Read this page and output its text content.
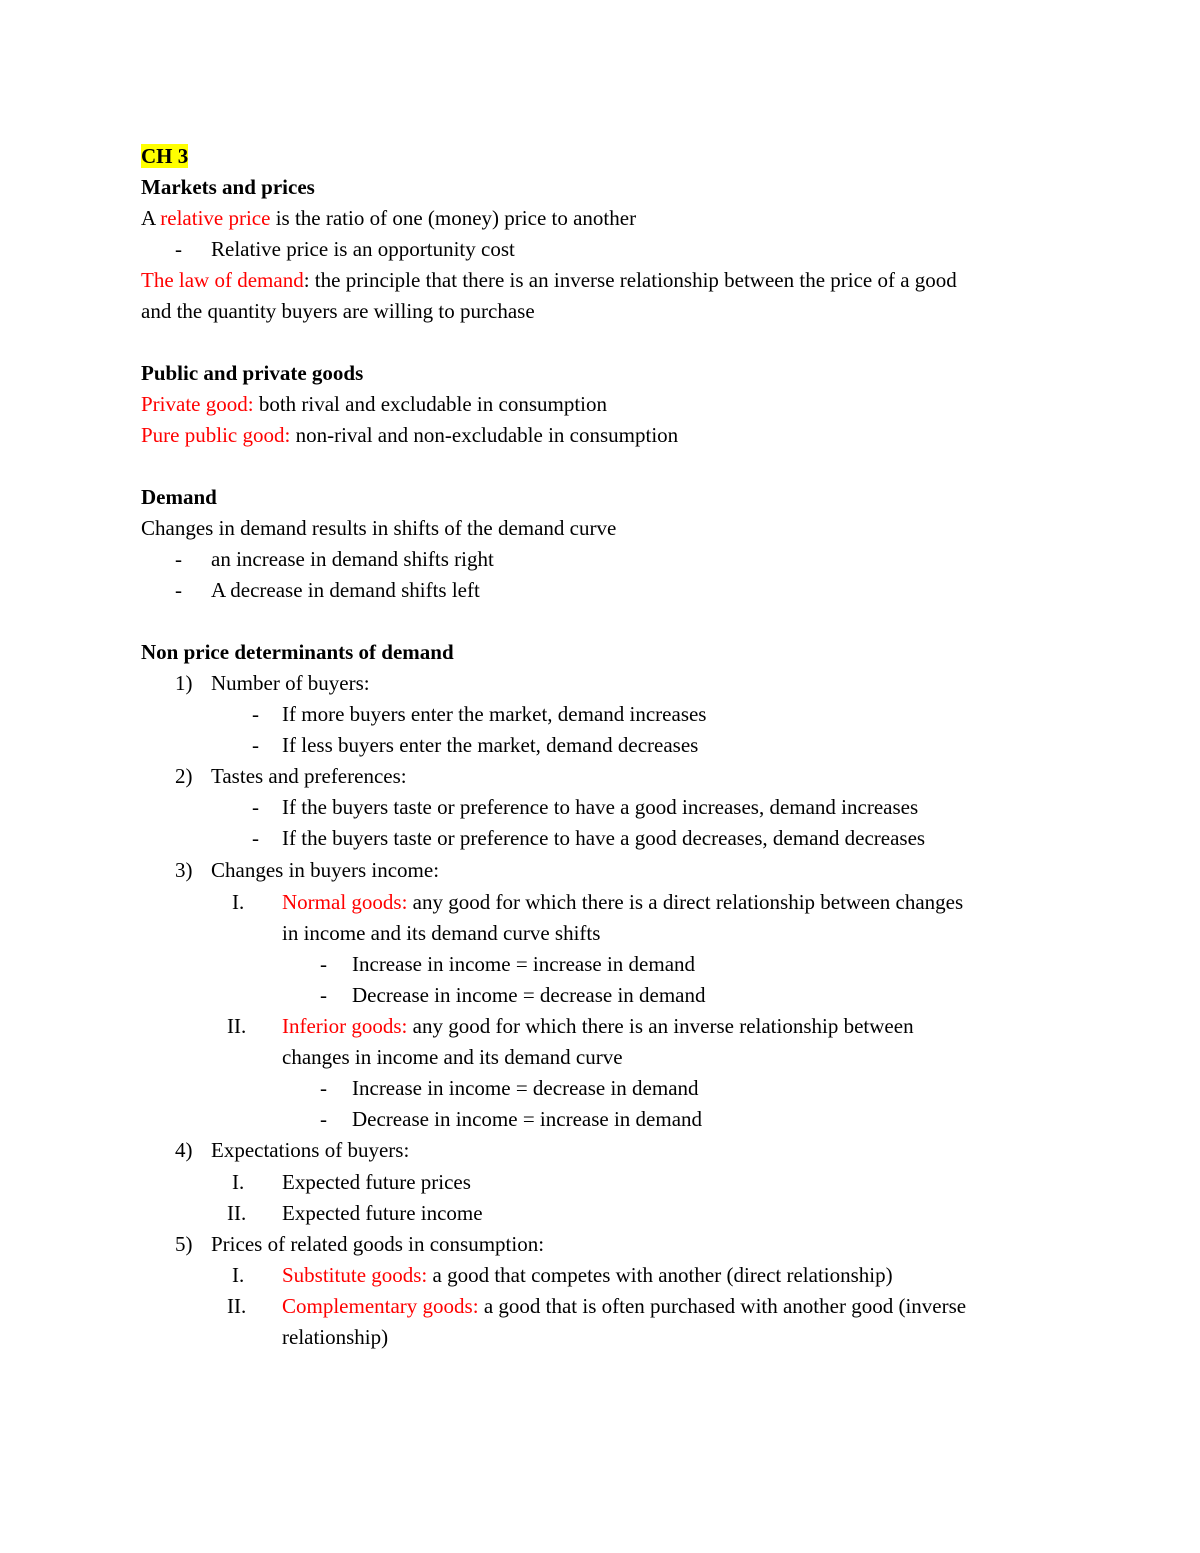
CH 3
Markets and prices
A relative price is the ratio of one (money) price to another
- Relative price is an opportunity cost
The law of demand: the principle that there is an inverse relationship between the price of a good
and the quantity buyers are willing to purchase
Public and private goods
Private good: both rival and excludable in consumption
Pure public good: non-rival and non-excludable in consumption
Demand
Changes in demand results in shifts of the demand curve
- an increase in demand shifts right
- A decrease in demand shifts left
Non price determinants of demand
1) Number of buyers:
- If more buyers enter the market, demand increases
- If less buyers enter the market, demand decreases
2) Tastes and preferences:
- If the buyers taste or preference to have a good increases, demand increases
- If the buyers taste or preference to have a good decreases, demand decreases
3) Changes in buyers income:
I. Normal goods: any good for which there is a direct relationship between changes
in income and its demand curve shifts
- Increase in income = increase in demand
- Decrease in income = decrease in demand
II. Inferior goods: any good for which there is an inverse relationship between
changes in income and its demand curve
- Increase in income = decrease in demand
- Decrease in income = increase in demand
4) Expectations of buyers:
I. Expected future prices
II. Expected future income
5) Prices of related goods in consumption:
I. Substitute goods: a good that competes with another (direct relationship)
II. Complementary goods: a good that is often purchased with another good (inverse
relationship)
